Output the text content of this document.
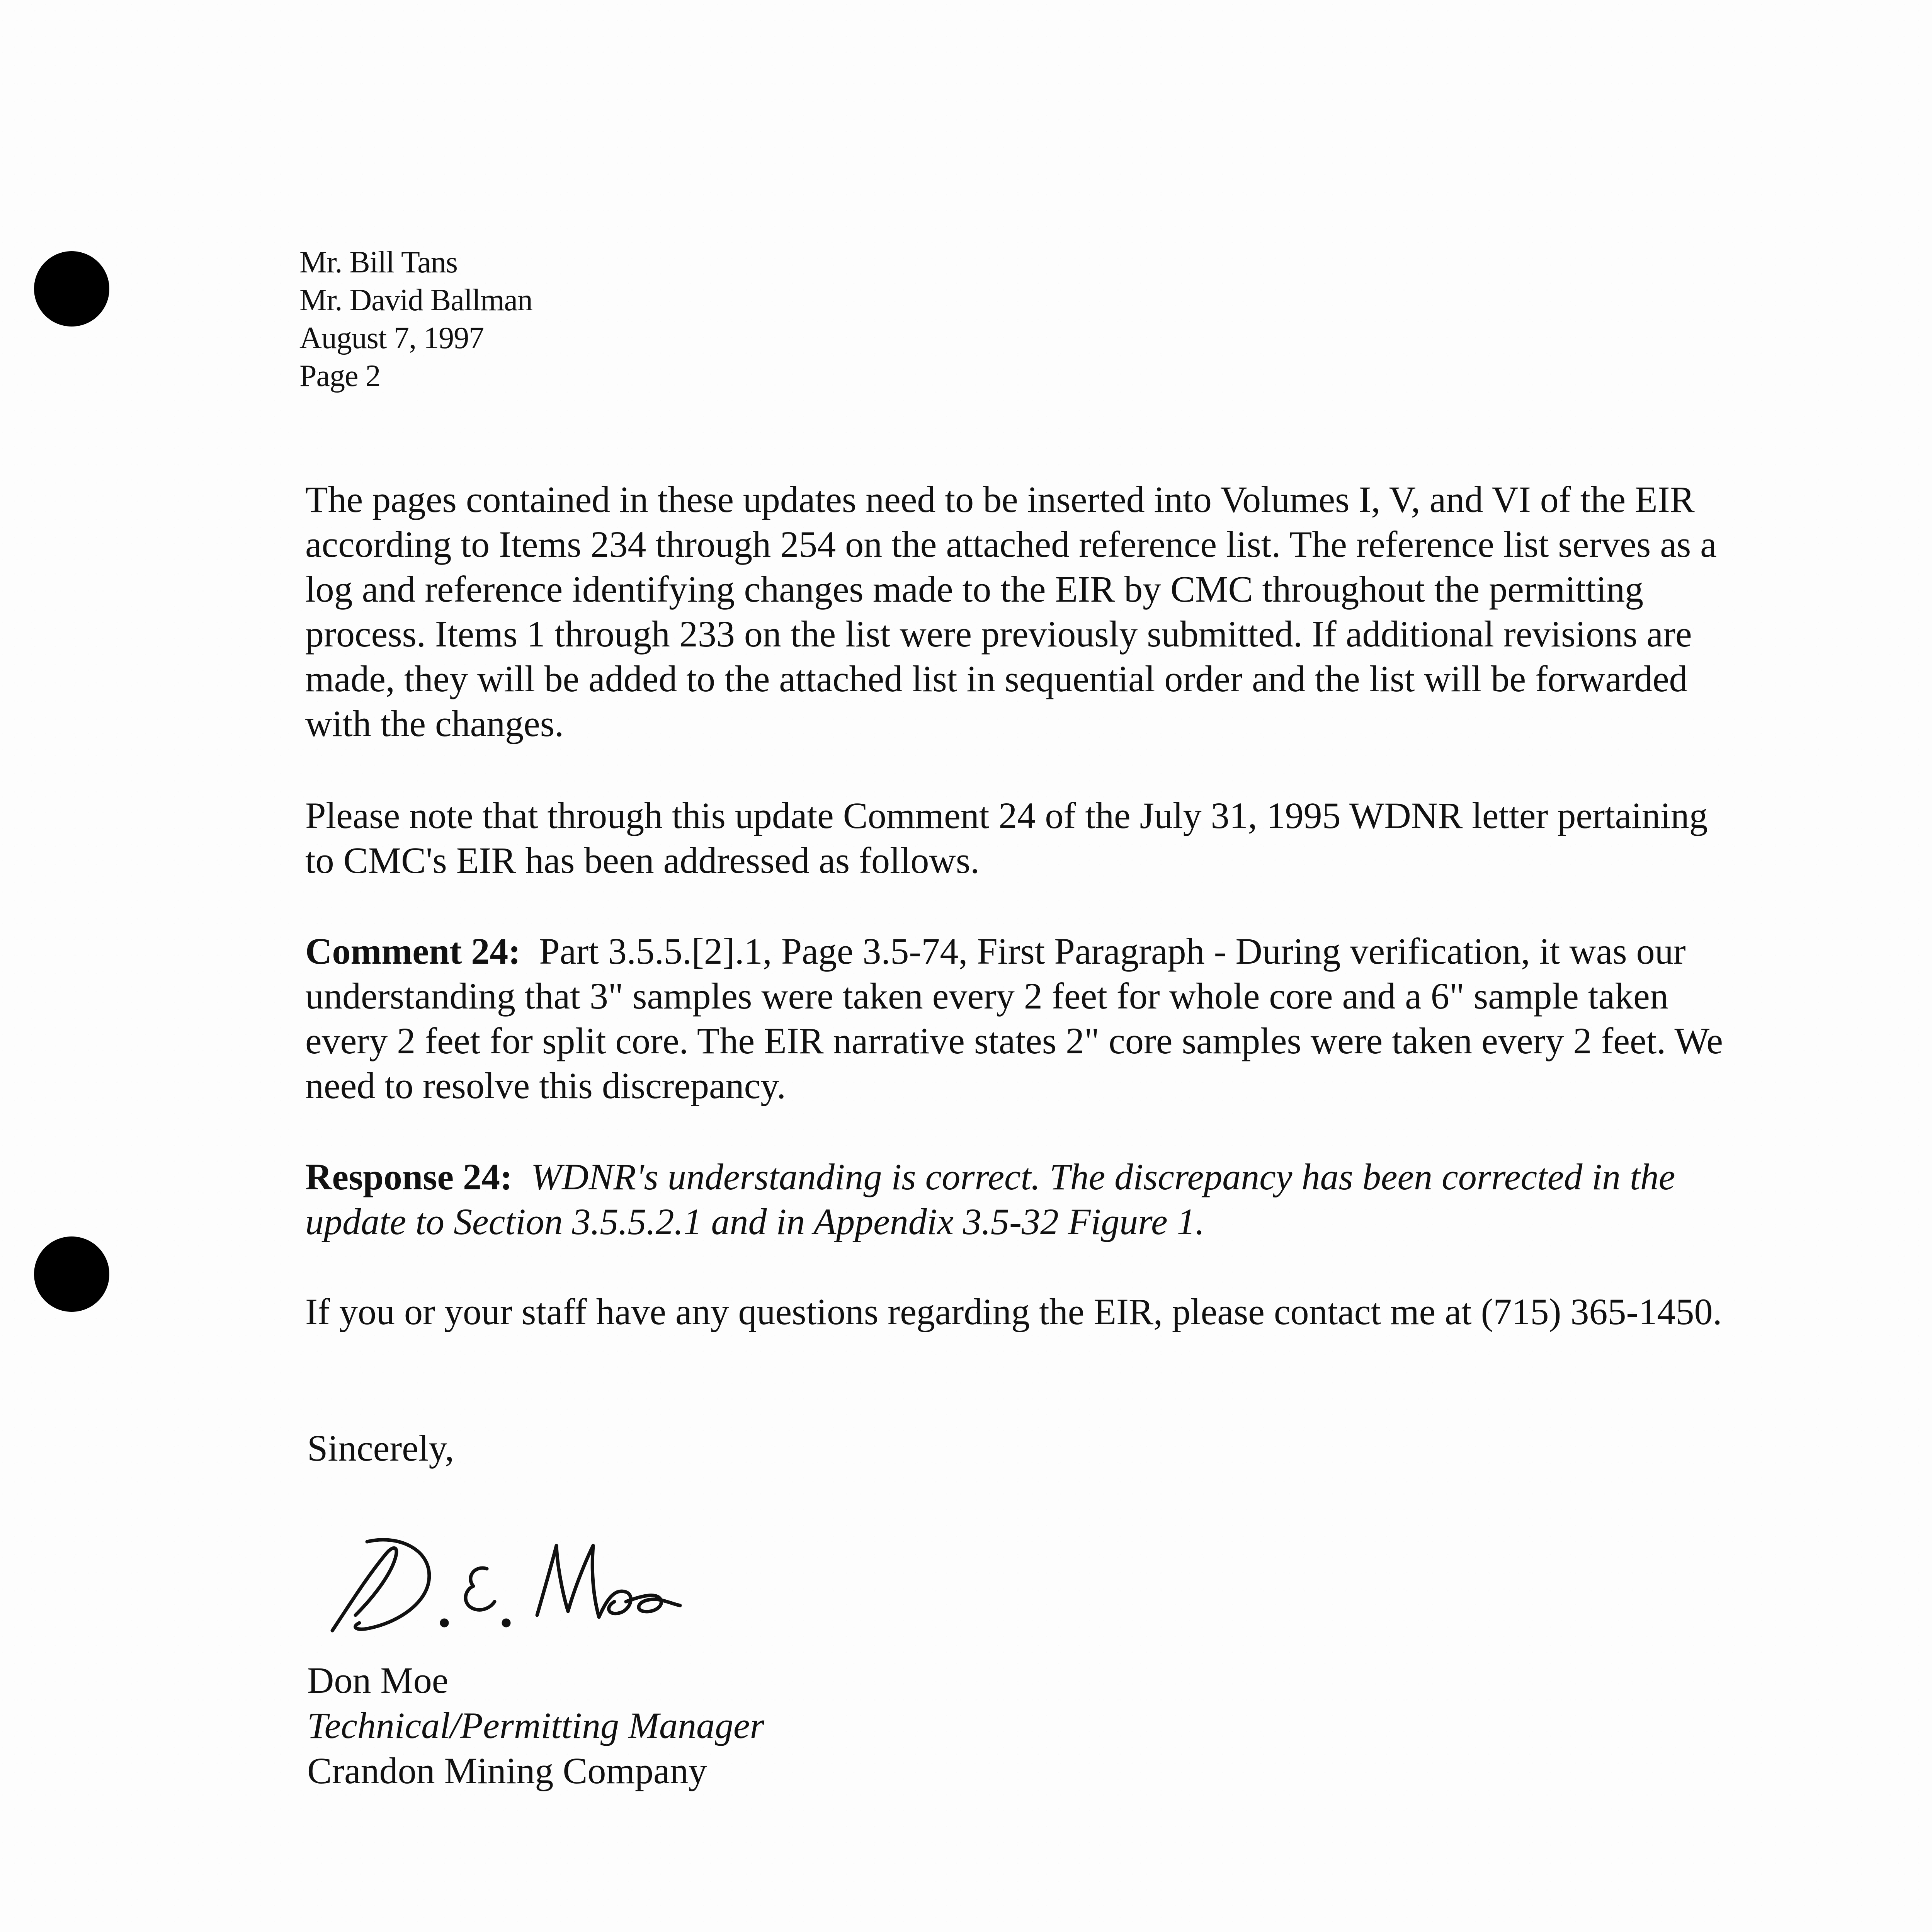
Mr. Bill Tans
Mr. David Ballman
August 7, 1997
Page 2

The pages contained in these updates need to be inserted into Volumes I, V, and VI of the EIR according to Items 234 through 254 on the attached reference list. The reference list serves as a log and reference identifying changes made to the EIR by CMC throughout the permitting process. Items 1 through 233 on the list were previously submitted. If additional revisions are made, they will be added to the attached list in sequential order and the list will be forwarded with the changes.

Please note that through this update Comment 24 of the July 31, 1995 WDNR letter pertaining to CMC's EIR has been addressed as follows.

Comment 24: Part 3.5.5.[2].1, Page 3.5-74, First Paragraph - During verification, it was our understanding that 3" samples were taken every 2 feet for whole core and a 6" sample taken every 2 feet for split core. The EIR narrative states 2" core samples were taken every 2 feet. We need to resolve this discrepancy.

Response 24: WDNR's understanding is correct. The discrepancy has been corrected in the update to Section 3.5.5.2.1 and in Appendix 3.5-32 Figure 1.

If you or your staff have any questions regarding the EIR, please contact me at (715) 365-1450.

Sincerely,
Don Moe
Technical/Permitting Manager
Crandon Mining Company
